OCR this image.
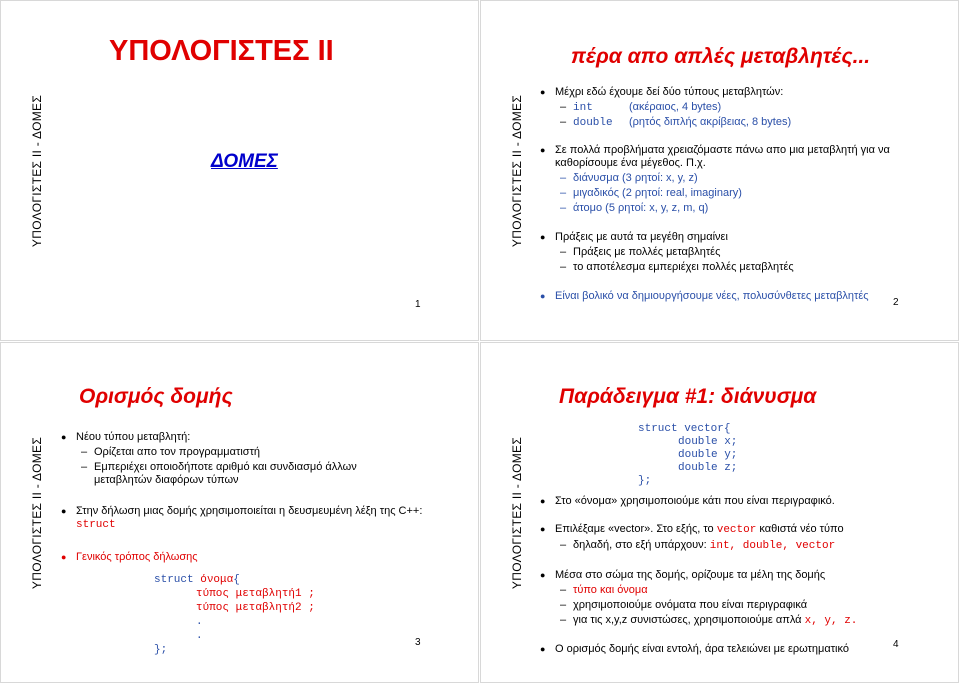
ΥΠΟΛΟΓΙΣΤΕΣ ΙΙ - ΔΟΜΕΣ
ΥΠΟΛΟΓΙΣΤΕΣ ΙΙ
ΔΟΜΕΣ
1
ΥΠΟΛΟΓΙΣΤΕΣ ΙΙ - ΔΟΜΕΣ
πέρα απο απλές μεταβλητές...
● Μέχρι εδώ έχουμε δεί δύο τύπους μεταβλητών:
– int	(ακέραιος, 4 bytes)
– double (ρητός διπλής ακρίβειας, 8 bytes)
● Σε πολλά προβλήματα χρειαζόμαστε πάνω απο μια μεταβλητή για να καθορίσουμε ένα μέγεθος. Π.χ.
– διάνυσμα (3 ρητοί: x, y, z)
– μιγαδικός (2 ρητοί: real, imaginary)
– άτομο (5 ρητοί: x, y, z, m, q)
● Πράξεις με αυτά τα μεγέθη σημαίνει
– Πράξεις με πολλές μεταβλητές
– το αποτέλεσμα εμπεριέχει πολλές μεταβλητές
● Είναι βολικό να δημιουργήσουμε νέες, πολυσύνθετες μεταβλητές
2
ΥΠΟΛΟΓΙΣΤΕΣ ΙΙ - ΔΟΜΕΣ
Ορισμός δομής
● Νέου τύπου μεταβλητή:
– Ορίζεται απο τον προγραμματιστή
– Εμπεριέχει οποιοδήποτε αριθμό και συνδιασμό άλλων μεταβλητών διαφόρων τύπων
● Στην δήλωση μιας δομής χρησιμοποιείται η δευσμευμένη λέξη της C++: struct
● Γενικός τρόπος δήλωσης
struct όνομα{
τύπος μεταβλητή1 ;
τύπος μεταβλητή2 ;
.
.
};
3
ΥΠΟΛΟΓΙΣΤΕΣ ΙΙ - ΔΟΜΕΣ
Παράδειγμα #1: διάνυσμα
struct vector{
double x;
double y;
double z;
};
● Στο «όνομα» χρησιμοποιούμε κάτι που είναι περιγραφικό.
● Επιλέξαμε «vector». Στο εξής, το vector καθιστά νέο τύπο
– δηλαδή, στο εξή υπάρχουν: int, double, vector
● Μέσα στο σώμα της δομής, ορίζουμε τα μέλη της δομής
– τύπο και όνομα
– χρησιμοποιούμε ονόματα που είναι περιγραφικά
– για τις x,y,z συνιστώσες, χρησιμοποιούμε απλά x, y, z.
● Ο ορισμός δομής είναι εντολή, άρα τελειώνει με ερωτηματικό	4
